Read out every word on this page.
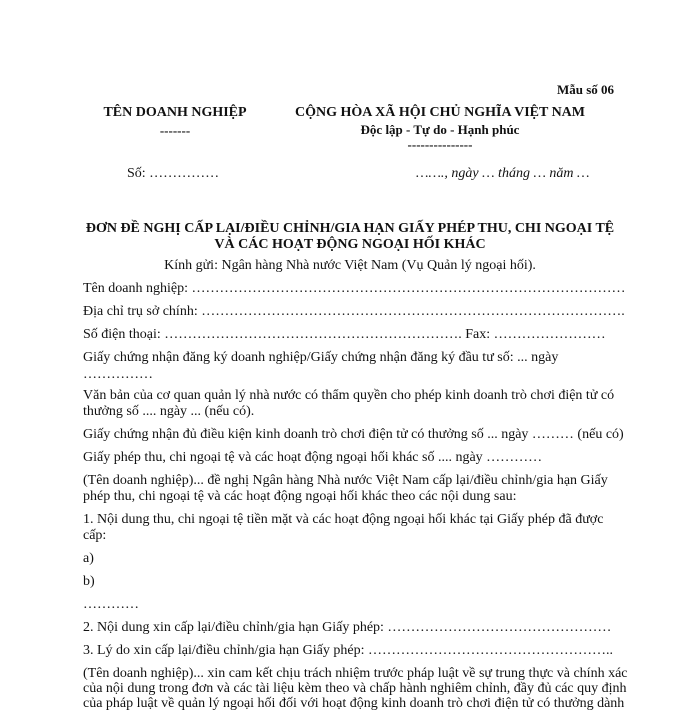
Mẫu số 06
TÊN DOANH NGHIỆP
-------
CỘNG HÒA XÃ HỘI CHỦ NGHĨA VIỆT NAM
Độc lập - Tự do - Hạnh phúc
---------------
Số: ……………	……., ngày … tháng … năm …
ĐƠN ĐỀ NGHỊ CẤP LẠI/ĐIỀU CHỈNH/GIA HẠN GIẤY PHÉP THU, CHI NGOẠI TỆ
VÀ CÁC HOẠT ĐỘNG NGOẠI HỐI KHÁC
Kính gửi: Ngân hàng Nhà nước Việt Nam (Vụ Quản lý ngoại hối).
Tên doanh nghiệp: …………………………………………………………………………………
Địa chỉ trụ sở chính: ……………………………………………………………………………….
Số điện thoại: ………………………………………………………. Fax: ……………………
Giấy chứng nhận đăng ký doanh nghiệp/Giấy chứng nhận đăng ký đầu tư số: ... ngày
……………
Văn bản của cơ quan quản lý nhà nước có thẩm quyền cho phép kinh doanh trò chơi điện tử có
thưởng số .... ngày ... (nếu có).
Giấy chứng nhận đủ điều kiện kinh doanh trò chơi điện tử có thưởng số ... ngày ……… (nếu có)
Giấy phép thu, chi ngoại tệ và các hoạt động ngoại hối khác số .... ngày …………
(Tên doanh nghiệp)... đề nghị Ngân hàng Nhà nước Việt Nam cấp lại/điều chỉnh/gia hạn Giấy
phép thu, chi ngoại tệ và các hoạt động ngoại hối khác theo các nội dung sau:
1. Nội dung thu, chi ngoại tệ tiền mặt và các hoạt động ngoại hối khác tại Giấy phép đã được
cấp:
a)
b)
…………
2. Nội dung xin cấp lại/điều chỉnh/gia hạn Giấy phép: …………………………………………
3. Lý do xin cấp lại/điều chỉnh/gia hạn Giấy phép: ……………………………………………..
(Tên doanh nghiệp)... xin cam kết chịu trách nhiệm trước pháp luật về sự trung thực và chính xác
của nội dung trong đơn và các tài liệu kèm theo và chấp hành nghiêm chỉnh, đầy đủ các quy định
của pháp luật về quản lý ngoại hối đối với hoạt động kinh doanh trò chơi điện tử có thưởng dành
